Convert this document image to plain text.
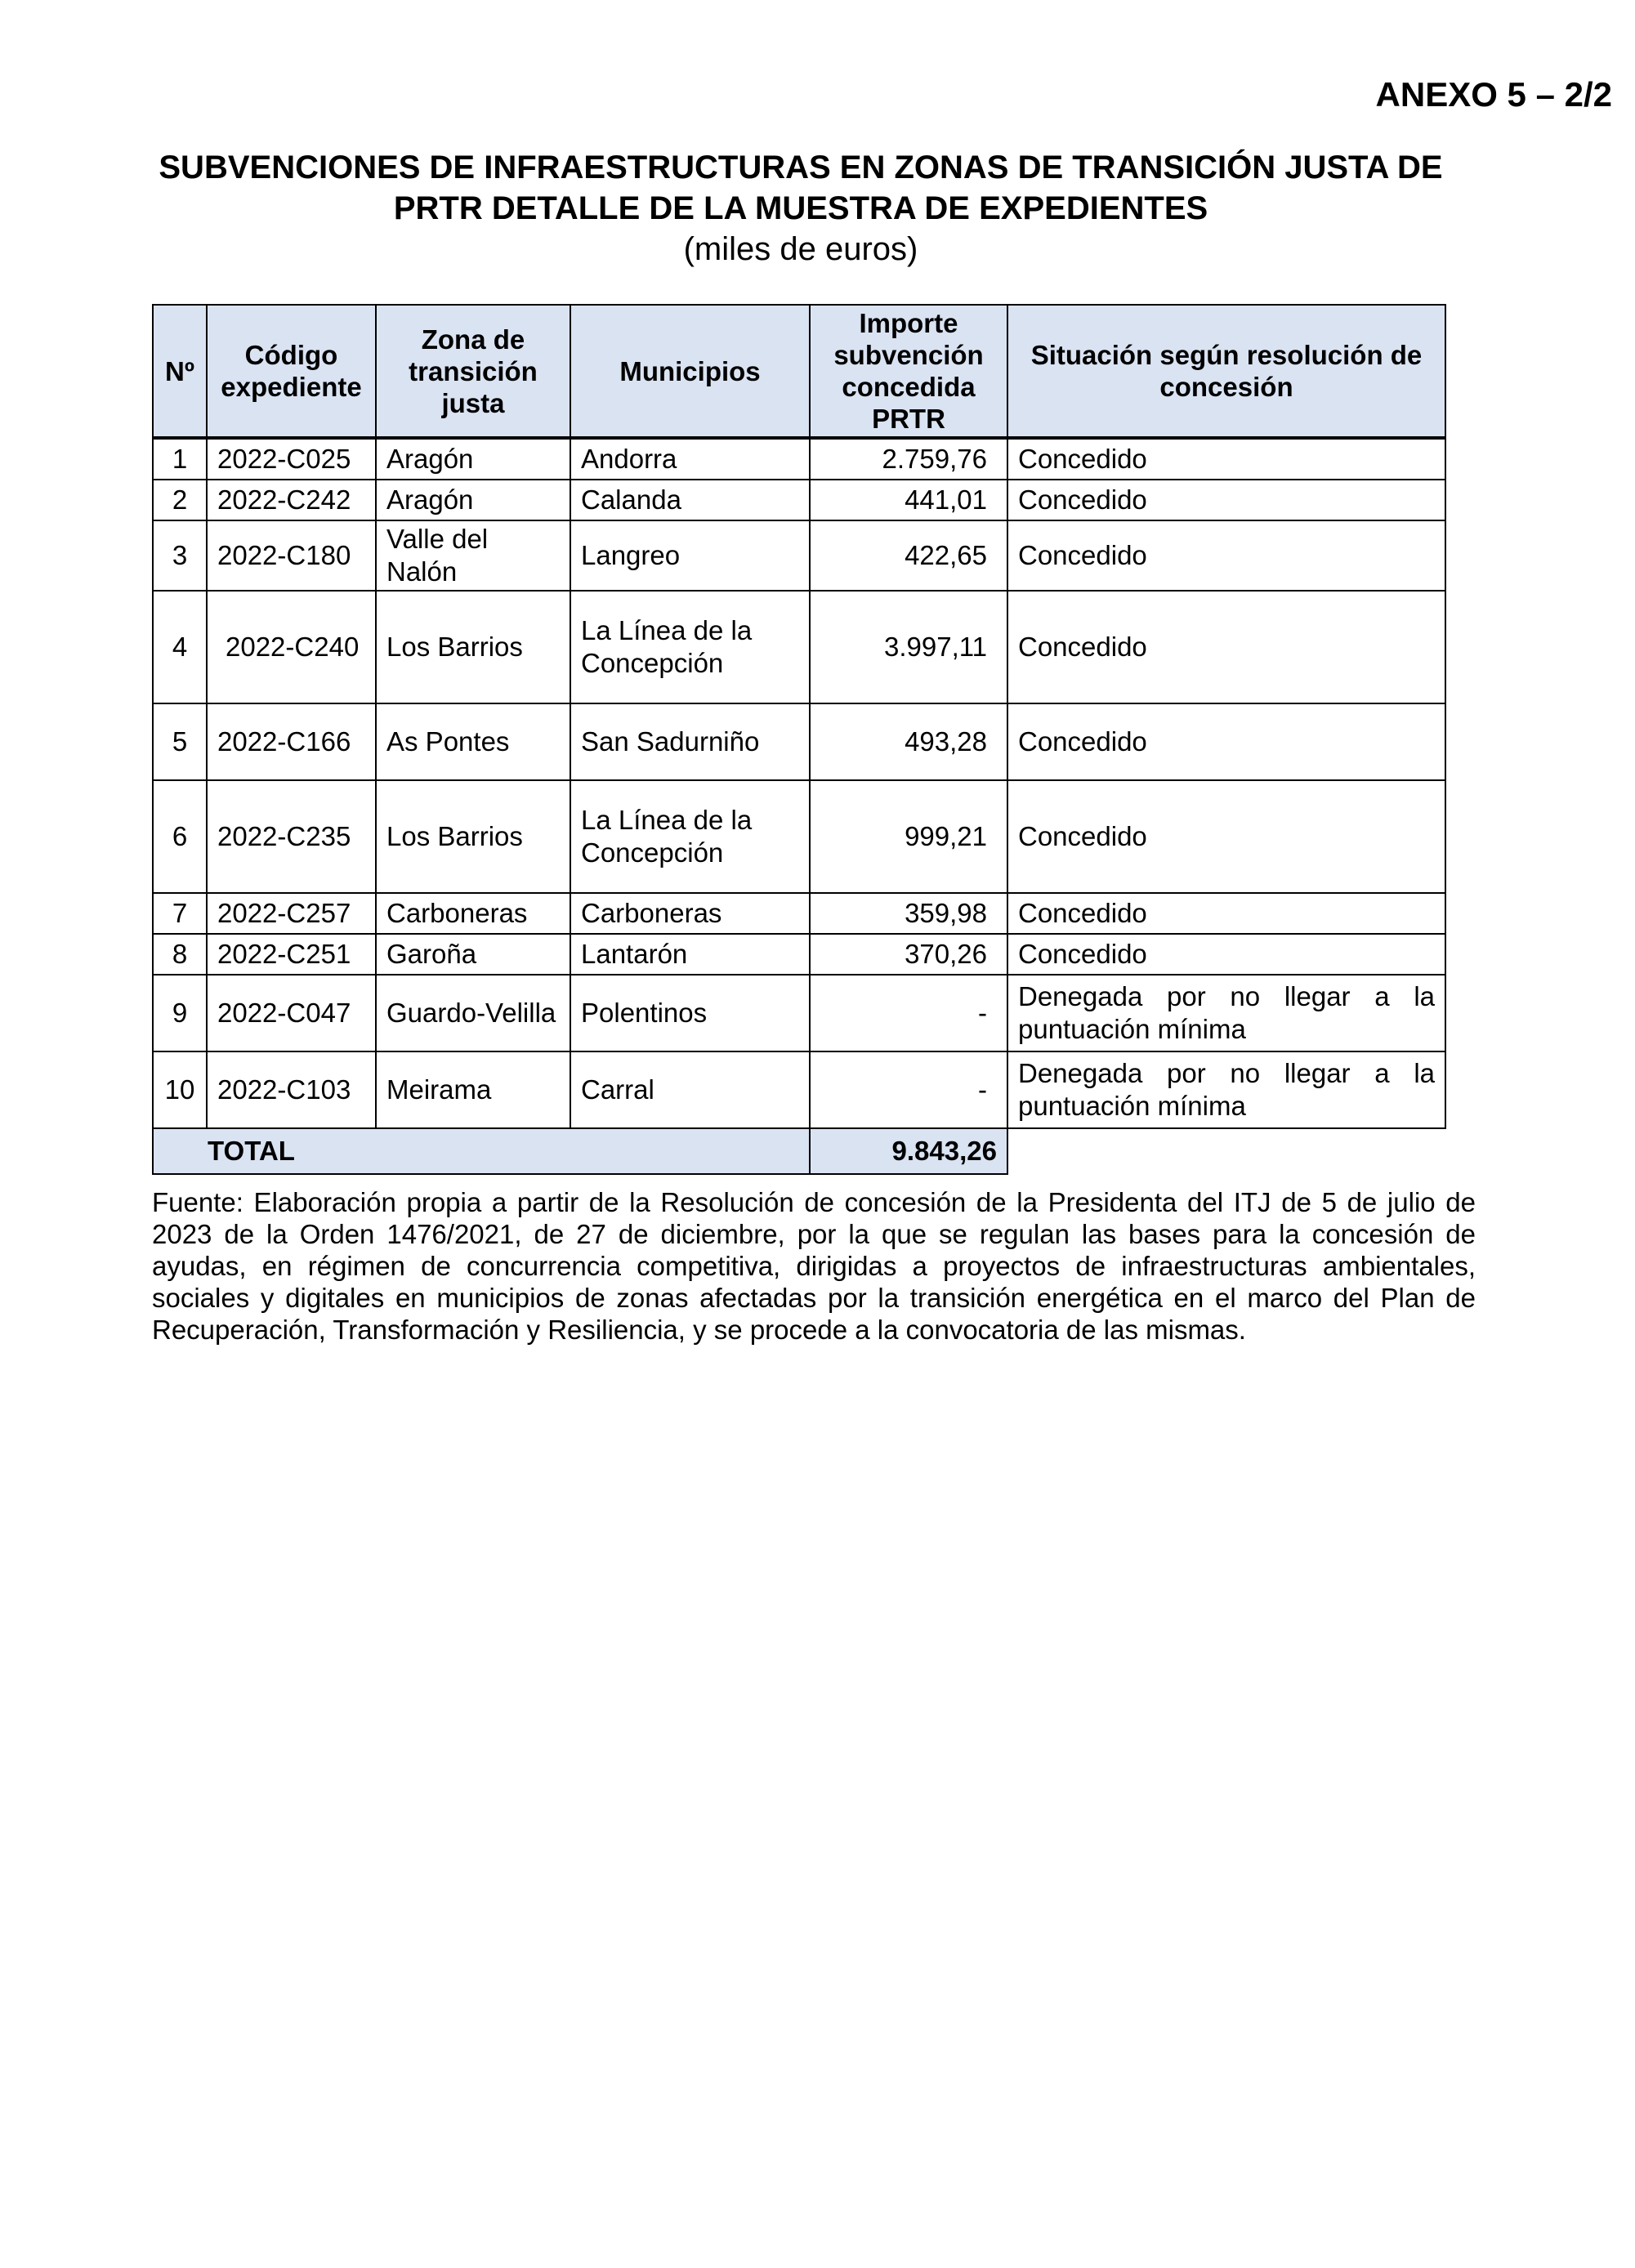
ANEXO 5 – 2/2

SUBVENCIONES DE INFRAESTRUCTURAS EN ZONAS DE TRANSICIÓN JUSTA DE

PRTR DETALLE DE LA MUESTRA DE EXPEDIENTES

(miles de euros)

Nº	Código expediente	Zona de transición justa	Municipios	Importe subvención concedida PRTR	Situación según resolución de concesión
1	2022-C025	Aragón	Andorra	2.759,76	Concedido
2	2022-C242	Aragón	Calanda	441,01	Concedido
3	2022-C180	Valle del Nalón	Langreo	422,65	Concedido
4	2022-C240	Los Barrios	La Línea de la Concepción	3.997,11	Concedido
5	2022-C166	As Pontes	San Sadurniño	493,28	Concedido
6	2022-C235	Los Barrios	La Línea de la Concepción	999,21	Concedido
7	2022-C257	Carboneras	Carboneras	359,98	Concedido
8	2022-C251	Garoña	Lantarón	370,26	Concedido
9	2022-C047	Guardo-Velilla	Polentinos	-	Denegada por no llegar a la puntuación mínima
10	2022-C103	Meirama	Carral	-	Denegada por no llegar a la puntuación mínima
TOTAL				9.843,26	

Fuente: Elaboración propia a partir de la Resolución de concesión de la Presidenta del ITJ de 5 de julio de 2023 de la Orden 1476/2021, de 27 de diciembre, por la que se regulan las bases para la concesión de ayudas, en régimen de concurrencia competitiva, dirigidas a proyectos de infraestructuras ambientales, sociales y digitales en municipios de zonas afectadas por la transición energética en el marco del Plan de Recuperación, Transformación y Resiliencia, y se procede a la convocatoria de las mismas.
